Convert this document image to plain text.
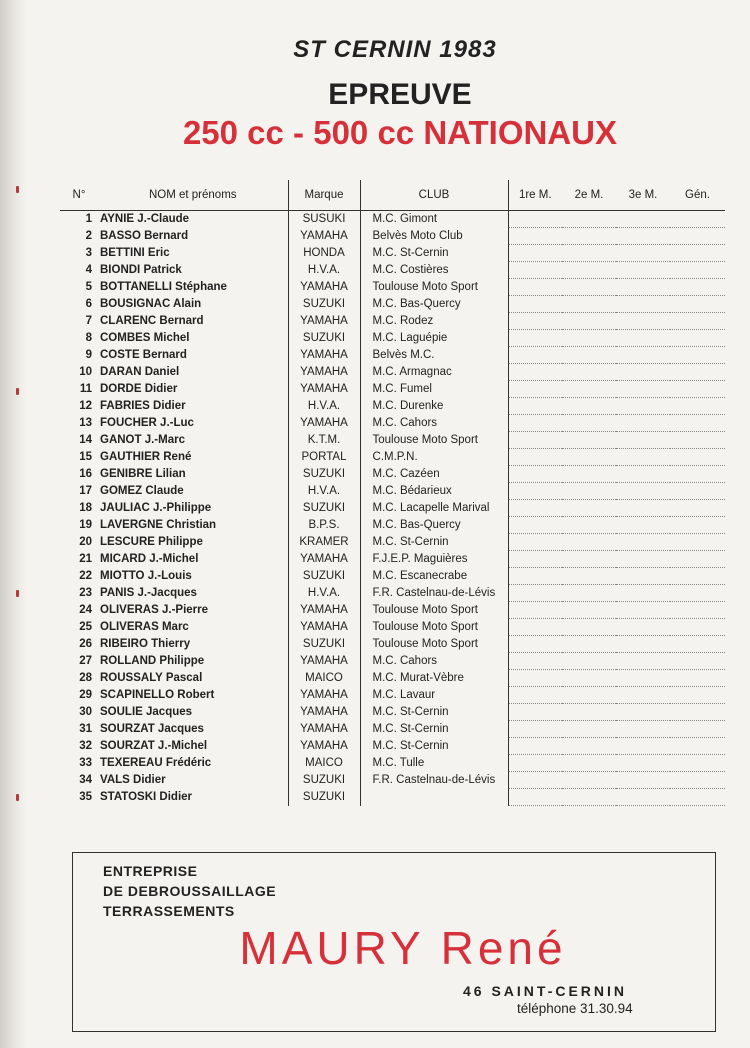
ST CERNIN 1983
EPREUVE
250 cc - 500 cc NATIONAUX
N°	NOM et prénoms	Marque	CLUB	1re M.	2e M.	3e M.	Gén.
1	AYNIE J.-Claude	SUSUKI	M.C. Gimont				
2	BASSO Bernard	YAMAHA	Belvès Moto Club				
3	BETTINI Eric	HONDA	M.C. St-Cernin				
4	BIONDI Patrick	H.V.A.	M.C. Costières				
5	BOTTANELLI Stéphane	YAMAHA	Toulouse Moto Sport				
6	BOUSIGNAC Alain	SUZUKI	M.C. Bas-Quercy				
7	CLARENC Bernard	YAMAHA	M.C. Rodez				
8	COMBES Michel	SUZUKI	M.C. Laguépie				
9	COSTE Bernard	YAMAHA	Belvès M.C.				
10	DARAN Daniel	YAMAHA	M.C. Armagnac				
11	DORDE Didier	YAMAHA	M.C. Fumel				
12	FABRIES Didier	H.V.A.	M.C. Durenke				
13	FOUCHER J.-Luc	YAMAHA	M.C. Cahors				
14	GANOT J.-Marc	K.T.M.	Toulouse Moto Sport				
15	GAUTHIER René	PORTAL	C.M.P.N.				
16	GENIBRE Lilian	SUZUKI	M.C. Cazéen				
17	GOMEZ Claude	H.V.A.	M.C. Bédarieux				
18	JAULIAC J.-Philippe	SUZUKI	M.C. Lacapelle Marival				
19	LAVERGNE Christian	B.P.S.	M.C. Bas-Quercy				
20	LESCURE Philippe	KRAMER	M.C. St-Cernin				
21	MICARD J.-Michel	YAMAHA	F.J.E.P. Maguières				
22	MIOTTO J.-Louis	SUZUKI	M.C. Escanecrabe				
23	PANIS J.-Jacques	H.V.A.	F.R. Castelnau-de-Lévis				
24	OLIVERAS J.-Pierre	YAMAHA	Toulouse Moto Sport				
25	OLIVERAS Marc	YAMAHA	Toulouse Moto Sport				
26	RIBEIRO Thierry	SUZUKI	Toulouse Moto Sport				
27	ROLLAND Philippe	YAMAHA	M.C. Cahors				
28	ROUSSALY Pascal	MAICO	M.C. Murat-Vèbre				
29	SCAPINELLO Robert	YAMAHA	M.C. Lavaur				
30	SOULIE Jacques	YAMAHA	M.C. St-Cernin				
31	SOURZAT Jacques	YAMAHA	M.C. St-Cernin				
32	SOURZAT J.-Michel	YAMAHA	M.C. St-Cernin				
33	TEXEREAU Frédéric	MAICO	M.C. Tulle				
34	VALS Didier	SUZUKI	F.R. Castelnau-de-Lévis				
35	STATOSKI Didier	SUZUKI					
ENTREPRISE
DE DEBROUSSAILLAGE
TERRASSEMENTS
MAURY René
46 SAINT-CERNIN
téléphone 31.30.94
